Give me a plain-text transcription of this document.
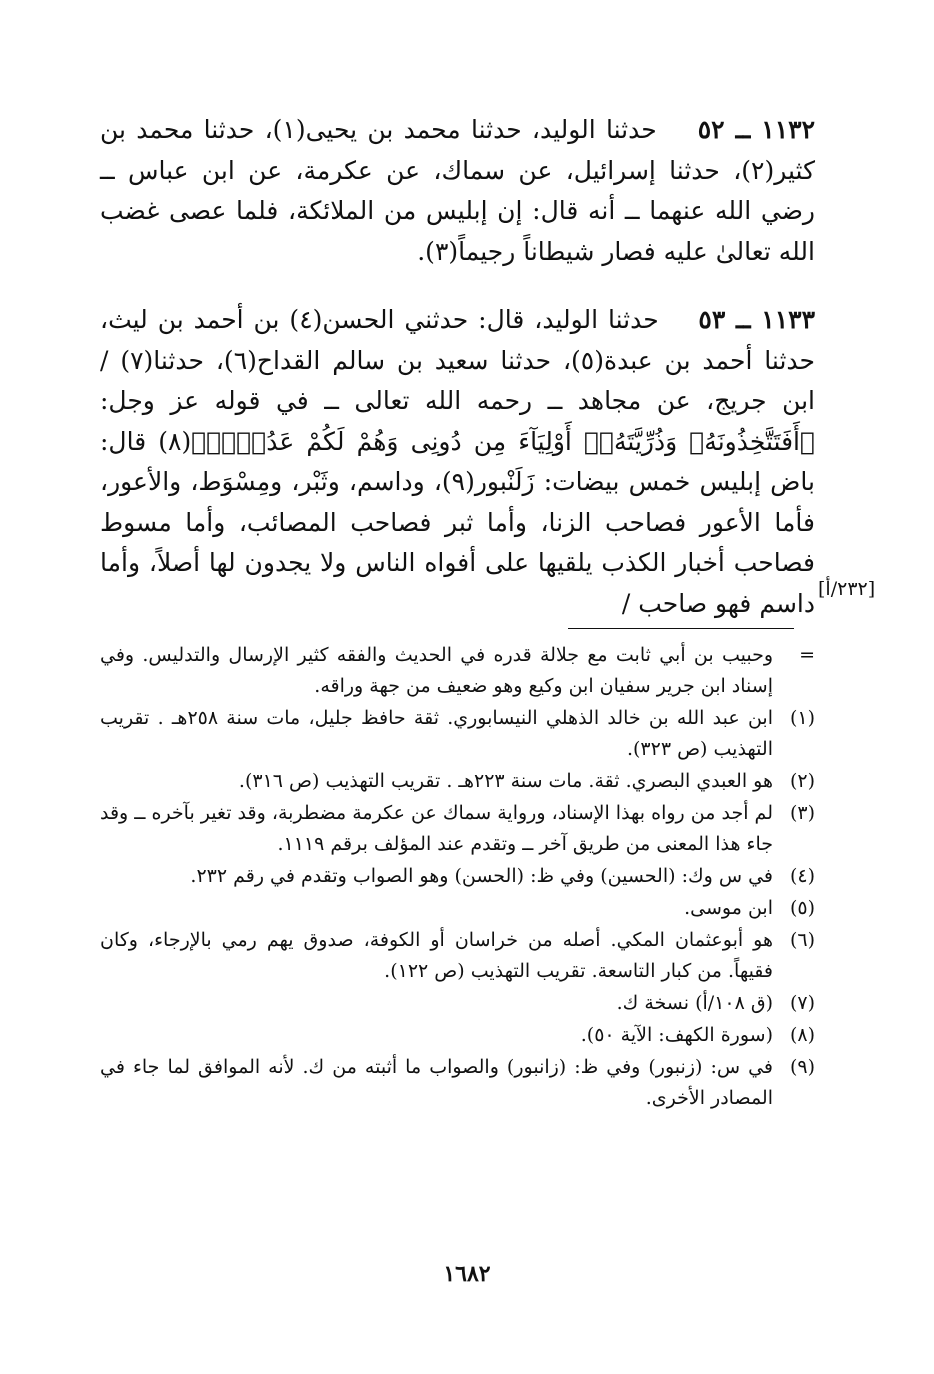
١١٣٢ ــ ٥٢    حدثنا الوليد، حدثنا محمد بن يحيى(١)، حدثنا محمد بن كثير(٢)، حدثنا إسرائيل، عن سماك، عن عكرمة، عن ابن عباس ــ رضي الله عنهما ــ أنه قال: إن إبليس من الملائكة، فلما عصى غضب الله تعالىٰ عليه فصار شيطاناً رجيماً(٣).

١١٣٣ ــ ٥٣    حدثنا الوليد، قال: حدثني الحسن(٤) بن أحمد بن ليث، حدثنا أحمد بن عبدة(٥)، حدثنا سعيد بن سالم القداح(٦)، حدثنا(٧) / ابن جريج، عن مجاهد ــ رحمه الله تعالى ــ في قوله عز وجل: ﴿أَفَتَتَّخِذُونَهُۥ وَذُرِّيَّتَهُۥٓ أَوْلِيَآءَ مِن دُونِى وَهُمْ لَكُمْ عَدُوٌّۢ﴾(٨) قال: باض إبليس خمس بيضات: زَلَنْبور(٩)، وداسم، وثَبْر، ومِسْوَط، والأعور، فأما الأعور فصاحب الزنا، وأما ثبر فصاحب المصائب، وأما مسوط فصاحب أخبار الكذب يلقيها على أفواه الناس ولا يجدون لها أصلاً، وأما داسم فهو صاحب / [٢٣٢/أ]
=
وحبيب بن أبي ثابت مع جلالة قدره في الحديث والفقه كثير الإرسال والتدليس. وفي إسناد ابن جرير سفيان ابن وكيع وهو ضعيف من جهة وراقه.
(١)
ابن عبد الله بن خالد الذهلي النيسابوري. ثقة حافظ جليل، مات سنة ٢٥٨هـ . تقريب التهذيب (ص ٣٢٣).
(٢)
هو العبدي البصري. ثقة. مات سنة ٢٢٣هـ . تقريب التهذيب (ص ٣١٦).
(٣)
لم أجد من رواه بهذا الإسناد، ورواية سماك عن عكرمة مضطربة، وقد تغير بآخره ــ وقد جاء هذا المعنى من طريق آخر ــ وتقدم عند المؤلف برقم ١١١٩.
(٤)
في س وك: (الحسين) وفي ظ: (الحسن) وهو الصواب وتقدم في رقم ٢٣٢.
(٥)
ابن موسى.
(٦)
هو أبوعثمان المكي. أصله من خراسان أو الكوفة، صدوق يهم رمي بالإرجاء، وكان فقيهاً. من كبار التاسعة. تقريب التهذيب (ص ١٢٢).
(٧)
(ق ١٠٨/أ) نسخة ك.
(٨)
(سورة الكهف: الآية ٥٠).
(٩)
في س: (زنبور) وفي ظ: (زانبور) والصواب ما أثبته من ك. لأنه الموافق لما جاء في المصادر الأخرى.
١٦٨٢
